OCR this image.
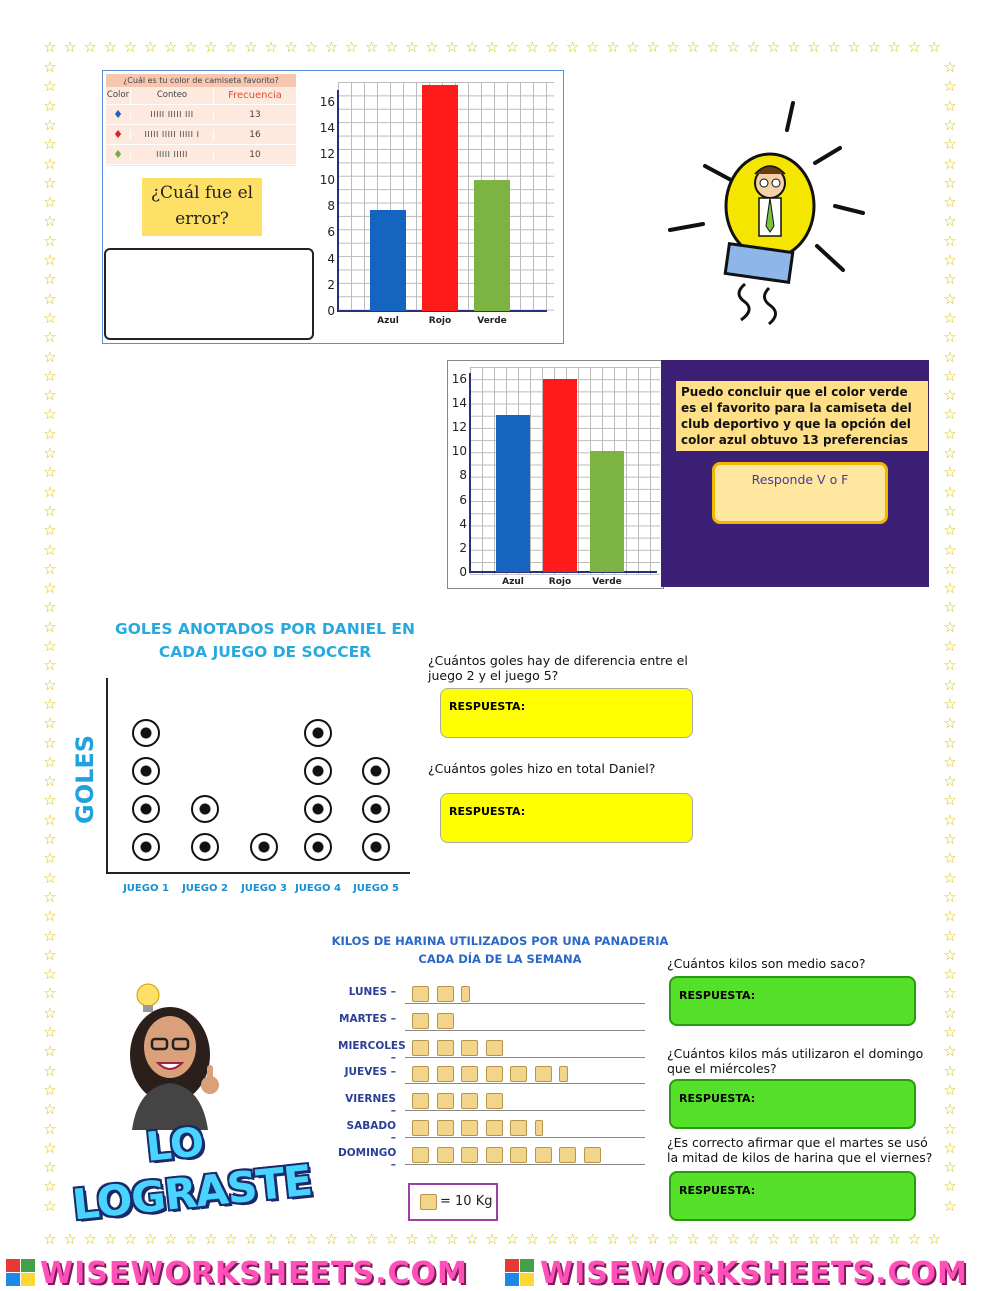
☆
☆
☆
☆
☆
☆
☆
☆
☆
☆
☆
☆
☆
☆
☆
☆
☆
☆
☆
☆
☆
☆
☆
☆
☆
☆
☆
☆
☆
☆
☆
☆
☆
☆
☆
☆
☆
☆
☆
☆
☆
☆
☆
☆
☆
☆
☆
☆
☆
☆
☆
☆
☆
☆
☆
☆
☆
☆
☆
☆
☆
☆
☆
☆
☆
☆
☆
☆
☆
☆
☆
☆
☆
☆
☆
☆
☆
☆
☆
☆
☆
☆
☆
☆
☆
☆
☆
☆
☆
☆
☆	☆
☆	☆
☆	☆
☆	☆
☆	☆
☆	☆
☆	☆
☆	☆
☆	☆
☆	☆
☆	☆
☆	☆
☆	☆
☆	☆
☆	☆
☆	☆
☆	☆
☆	☆
☆	☆
☆	☆
☆	☆
☆	☆
☆	☆
☆	☆
☆	☆
☆	☆
☆	☆
☆	☆
☆	☆
☆	☆
☆	☆
☆	☆
☆	☆
☆	☆
☆	☆
☆	☆
☆	☆
☆	☆
☆	☆
☆	☆
☆	☆
☆	☆
☆	☆
☆	☆
☆	☆
☆	☆
☆	☆
☆	☆
☆	☆
☆	☆
☆	☆
☆	☆
☆	☆
☆	☆
☆	☆
☆	☆
☆	☆
☆	☆
☆	☆
☆	☆
¿Cuál es tu color de camiseta favorito?
Color	Conteo	Frecuencia
♦	IIIII IIIII III	13
♦	IIIII IIIII IIIII I	16
♦	IIIII IIIII	10
¿Cuál fue el error?
0
2
4
6
8
10
12
14
16
Azul	Rojo	Verde
0
2
4
6
8
10
12
14
16
Azul	Rojo	Verde
Puedo concluir que el color verde es el favorito para la camiseta del club deportivo y que la opción del color azul obtuvo 13 preferencias
Responde V o F
GOLES ANOTADOS POR DANIEL EN
CADA JUEGO DE SOCCER
GOLES
JUEGO 1	JUEGO 2	JUEGO 3 JUEGO 4	JUEGO 5
¿Cuántos goles hay de diferencia entre el juego 2 y el juego 5?
RESPUESTA:
¿Cuántos goles hizo en total Daniel?
RESPUESTA:
KILOS DE HARINA UTILIZADOS POR UNA PANADERIA
CADA DÍA DE LA SEMANA
LUNES –
MARTES –
MIERCOLES –
JUEVES –
VIERNES –
SABADO –
DOMINGO –
= 10 Kg
¿Cuántos kilos son medio saco?
RESPUESTA:
¿Cuántos kilos más utilizaron el domingo que el miércoles?
RESPUESTA:
¿Es correcto afirmar que el martes se usó la mitad de kilos de harina que el viernes?
RESPUESTA:
LO
LOGRASTE
WISEWORKSHEETS.COM WISEWORKSHEETS.COM
